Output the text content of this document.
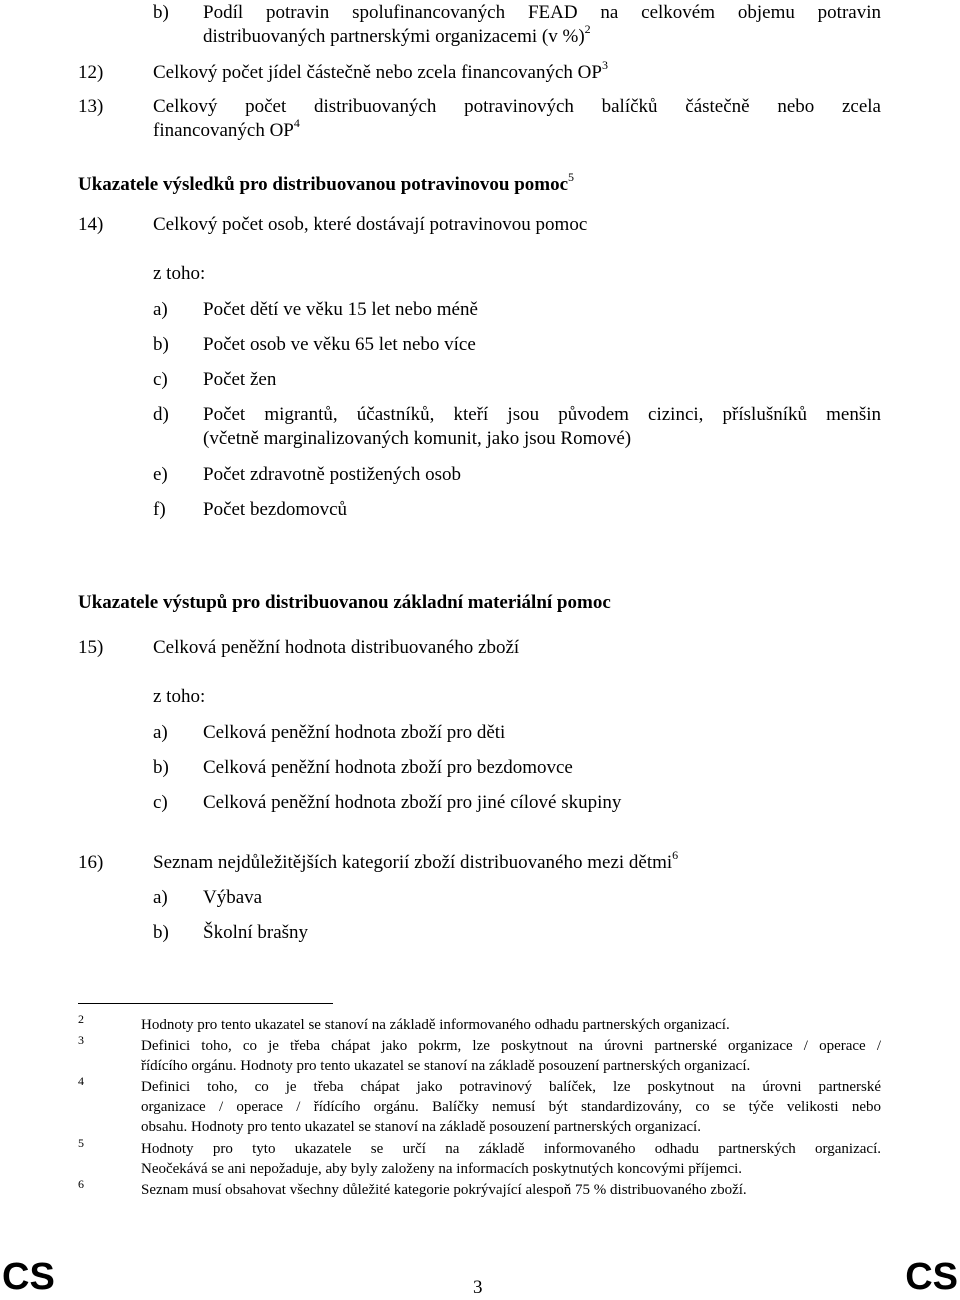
b) Podíl potravin spolufinancovaných FEAD na celkovém objemu potravin
distribuovaných partnerskými organizacemi (v %)$^2$
12)	Celkový počet jídel částečně nebo zcela financovaných $OP^3$
13)	Celkový počet distribuovaných potravinových balíčků částečně nebo zcela
financovaných $OP^4$
Ukazatele výsledků pro distribuovanou potravinovou pomoc$^5$
14)	Celkový počet osob, které dostávají potravinovou pomoc
z toho:
a) Počet dětí ve věku 15 let nebo méně
b) Počet osob ve věku 65 let nebo více
c) Počet žen
d) Počet migrantů, účastníků, kteří jsou původem cizinci, příslušníků menšin
(včetně marginalizovaných komunit, jako jsou Romové)
e) Počet zdravotně postižených osob
f) Počet bezdomovců
Ukazatele výstupů pro distribuovanou základní materiální pomoc
15)	Celková peněžní hodnota distribuovaného zboží
z toho:
a) Celková peněžní hodnota zboží pro děti
b) Celková peněžní hodnota zboží pro bezdomovce
c) Celková peněžní hodnota zboží pro jiné cílové skupiny
16)	Seznam nejdůležitějších kategorií zboží distribuovaného mezi dětmi$^6$
a) Výbava
b) Školní brašny
2	Hodnoty pro tento ukazatel se stanoví na základě informovaného odhadu partnerských organizací.
3	Definici toho, co je třeba chápat jako pokrm, lze poskytnout na úrovni partnerské organizace / operace /
řídícího orgánu. Hodnoty pro tento ukazatel se stanoví na základě posouzení partnerských organizací.
4	Definici toho, co je třeba chápat jako potravinový balíček, lze poskytnout na úrovni partnerské
organizace / operace / řídícího orgánu. Balíčky nemusí být standardizovány, co se týče velikosti nebo
obsahu. Hodnoty pro tento ukazatel se stanoví na základě posouzení partnerských organizací.
5	Hodnoty pro tyto ukazatele se určí na základě informovaného odhadu partnerských organizací.
Neočekává se ani nepožaduje, aby byly založeny na informacích poskytnutých koncovými příjemci.
6	Seznam musí obsahovat všechny důležité kategorie pokrývající alespoň 75 % distribuovaného zboží.
CS	3	CS
